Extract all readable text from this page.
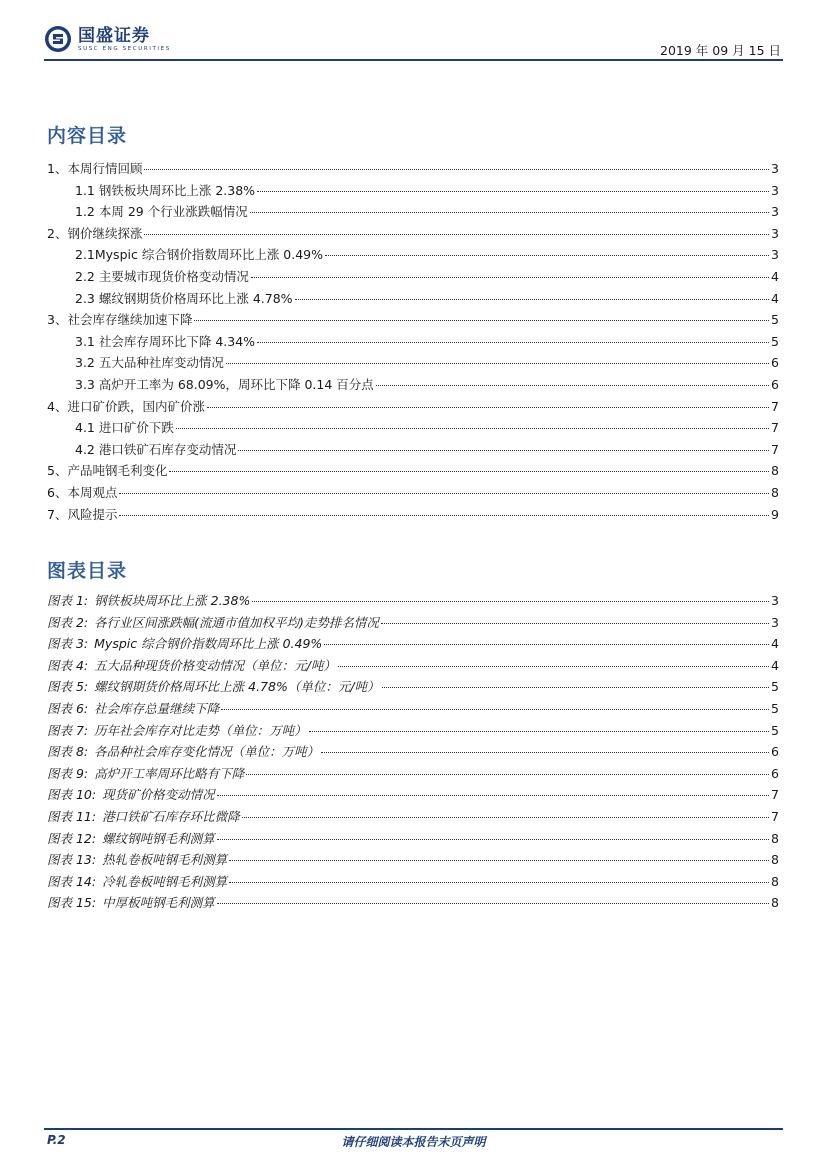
国盛证券
SUSC ENG SECURITIES	2019 年 09 月 15 日
内容目录
1、本周行情回顾	3
1.1 钢铁板块周环比上涨 2.38%	3
1.2 本周 29 个行业涨跌幅情况	3
2、钢价继续探涨	3
2.1Myspic 综合钢价指数周环比上涨 0.49%	3
2.2 主要城市现货价格变动情况	4
2.3 螺纹钢期货价格周环比上涨 4.78%	4
3、社会库存继续加速下降	5
3.1 社会库存周环比下降 4.34%	5
3.2 五大品种社库变动情况	6
3.3 高炉开工率为 68.09%，周环比下降 0.14 百分点	6
4、进口矿价跌，国内矿价涨	7
4.1 进口矿价下跌	7
4.2 港口铁矿石库存变动情况	7
5、产品吨钢毛利变化	8
6、本周观点	8
7、风险提示	9
图表目录
图表 1: 钢铁板块周环比上涨 2.38%	3
图表 2: 各行业区间涨跌幅(流通市值加权平均)走势排名情况	3
图表 3: Myspic 综合钢价指数周环比上涨 0.49%	4
图表 4: 五大品种现货价格变动情况（单位：元/吨）	4
图表 5: 螺纹钢期货价格周环比上涨 4.78%（单位：元/吨）	5
图表 6: 社会库存总量继续下降	5
图表 7: 历年社会库存对比走势（单位：万吨）	5
图表 8: 各品种社会库存变化情况（单位：万吨）	6
图表 9: 高炉开工率周环比略有下降	6
图表 10: 现货矿价格变动情况	7
图表 11: 港口铁矿石库存环比微降	7
图表 12: 螺纹钢吨钢毛利测算	8
图表 13: 热轧卷板吨钢毛利测算	8
图表 14: 冷轧卷板吨钢毛利测算	8
图表 15: 中厚板吨钢毛利测算	8
P.2	请仔细阅读本报告末页声明
